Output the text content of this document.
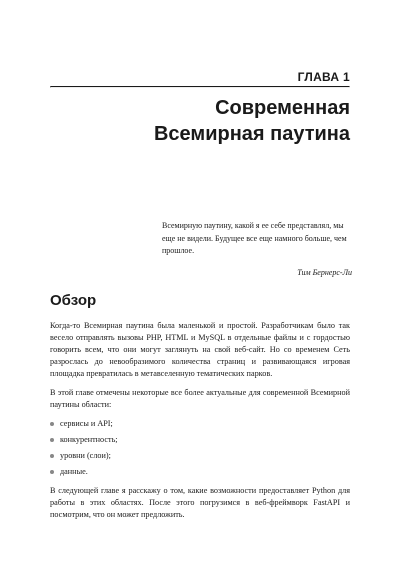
ГЛАВА 1
Современная
Всемирная паутина

Всемирную паутину, какой я ее себе представлял, мы еще не видели. Будущее все еще намного больше, чем прошлое.

Тим Бернерс-Ли

Обзор

Когда-то Всемирная паутина была маленькой и простой. Разработчикам было так весело отправлять вызовы PHP, HTML и MySQL в отдельные файлы и с гордостью говорить всем, что они могут заглянуть на свой веб-сайт. Но со временем Сеть разрослась до невообразимого количества страниц и развивающаяся игровая площадка превратилась в метавселенную тематических парков.

В этой главе отмечены некоторые все более актуальные для современной Всемирной паутины области:

сервисы и API;
конкурентность;
уровни (слои);
данные.

В следующей главе я расскажу о том, какие возможности предоставляет Python для работы в этих областях. После этого погрузимся в веб-фреймворк FastAPI и посмотрим, что он может предложить.
